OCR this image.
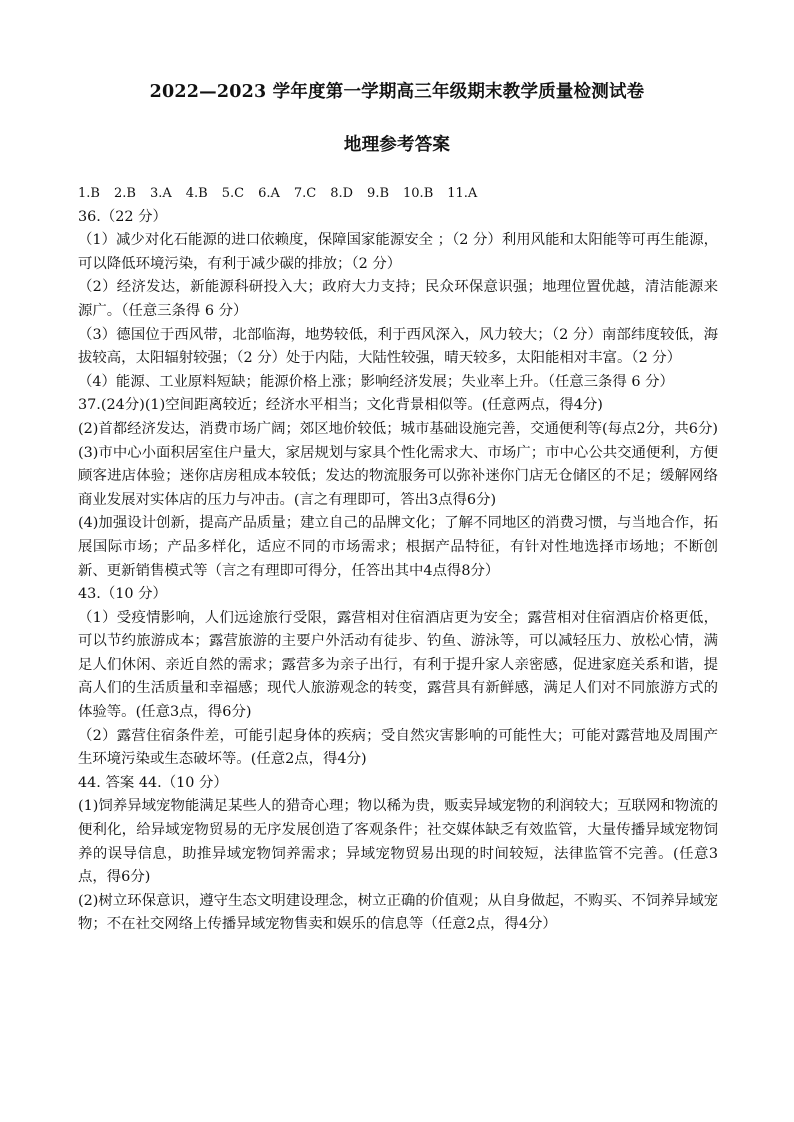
2022—2023 学年度第一学期高三年级期末教学质量检测试卷
地理参考答案
1.B 2.B 3.A 4.B 5.C 6.A 7.C 8.D 9.B 10.B 11.A

36.（22 分）

（1）减少对化石能源的进口依赖度，保障国家能源安全 ；（2 分）利用风能和太阳能等可再生能源，可以降低环境污染，有利于减少碳的排放；（2 分）

（2）经济发达，新能源科研投入大；政府大力支持；民众环保意识强；地理位置优越，清洁能源来源广。（任意三条得 6 分）

（3）德国位于西风带，北部临海，地势较低，利于西风深入，风力较大；（2 分）南部纬度较低，海拔较高，太阳辐射较强；（2 分）处于内陆，大陆性较强，晴天较多，太阳能相对丰富。（2 分）

（4）能源、工业原料短缺；能源价格上涨；影响经济发展；失业率上升。（任意三条得 6 分）

37.(24分)(1)空间距离较近；经济水平相当；文化背景相似等。(任意两点，得4分)

(2)首都经济发达，消费市场广阔；郊区地价较低；城市基础设施完善，交通便利等(每点2分，共6分)

(3)市中心小面积居室住户量大，家居规划与家具个性化需求大、市场广；市中心公共交通便利，方便顾客进店体验；迷你店房租成本较低；发达的物流服务可以弥补迷你门店无仓储区的不足；缓解网络商业发展对实体店的压力与冲击。(言之有理即可，答出3点得6分)

(4)加强设计创新，提高产品质量；建立自己的品牌文化；了解不同地区的消费习惯，与当地合作，拓展国际市场；产品多样化，适应不同的市场需求；根据产品特征，有针对性地选择市场地；不断创新、更新销售模式等（言之有理即可得分，任答出其中4点得8分）

43.（10 分）

（1）受疫情影响，人们远途旅行受限，露营相对住宿酒店更为安全；露营相对住宿酒店价格更低，可以节约旅游成本；露营旅游的主要户外活动有徒步、钓鱼、游泳等，可以减轻压力、放松心情，满足人们休闲、亲近自然的需求；露营多为亲子出行，有利于提升家人亲密感，促进家庭关系和谐，提高人们的生活质量和幸福感；现代人旅游观念的转变，露营具有新鲜感，满足人们对不同旅游方式的体验等。(任意3点，得6分)

（2）露营住宿条件差，可能引起身体的疾病；受自然灾害影响的可能性大；可能对露营地及周围产生环境污染或生态破坏等。(任意2点，得4分)

44. 答案 44.（10 分）

(1)饲养异域宠物能满足某些人的猎奇心理；物以稀为贵，贩卖异域宠物的利润较大；互联网和物流的便利化，给异域宠物贸易的无序发展创造了客观条件；社交媒体缺乏有效监管，大量传播异域宠物饲养的误导信息，助推异域宠物饲养需求；异域宠物贸易出现的时间较短，法律监管不完善。(任意3点，得6分)

(2)树立环保意识，遵守生态文明建设理念，树立正确的价值观；从自身做起，不购买、不饲养异域宠物；不在社交网络上传播异域宠物售卖和娱乐的信息等（任意2点，得4分）
